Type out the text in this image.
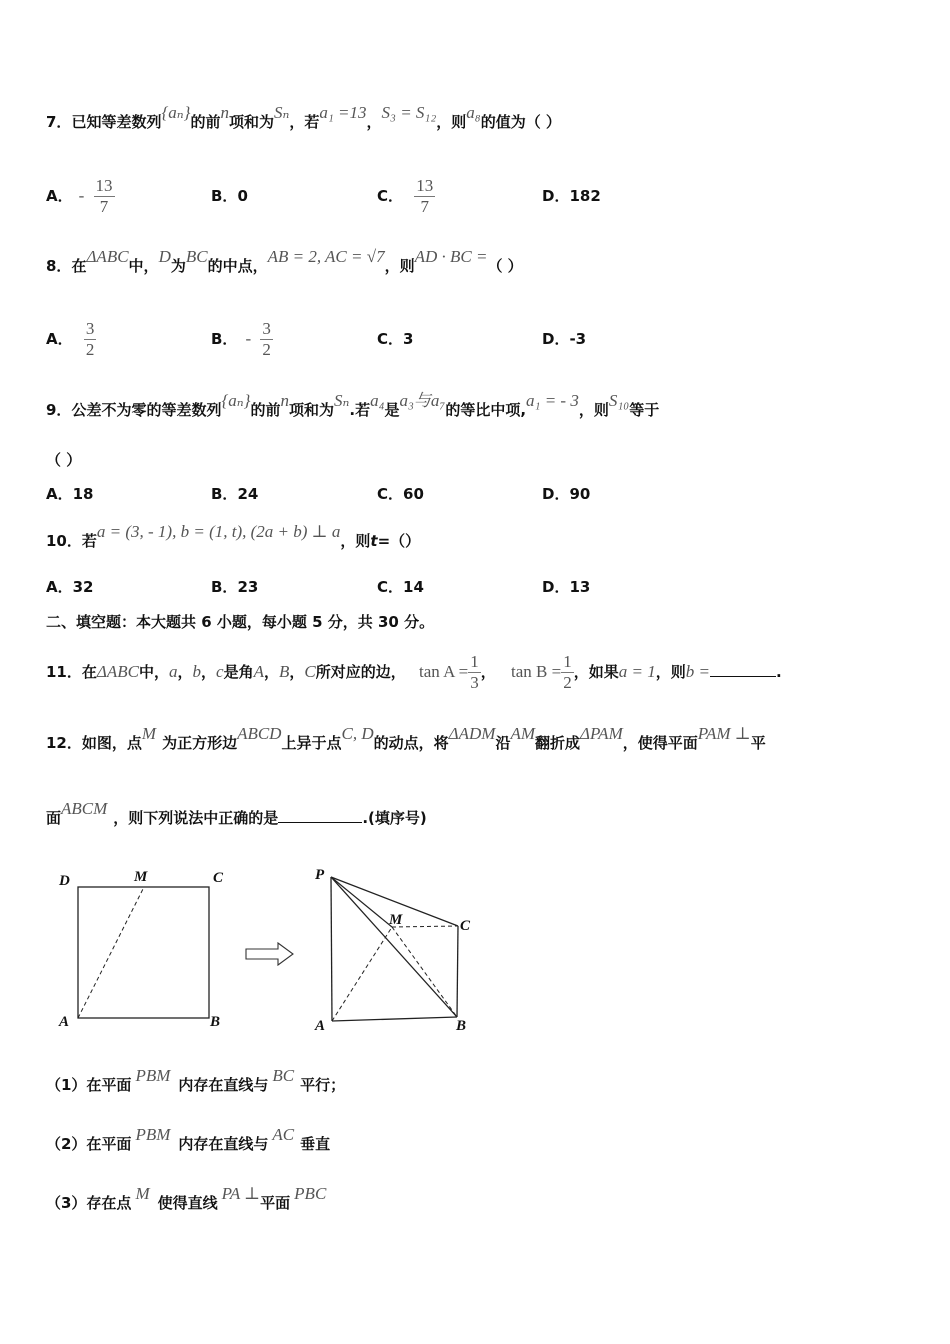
7．已知等差数列{aₙ}的前n项和为Sₙ，若a₁ =13，S₃ = S₁₂，则a₈的值为（ ）
A． - $\frac{13}{7}$	B．0	C． $\frac{13}{7}$	D．182
8．在ΔABC中，D为BC的中点，AB = 2, AC = √7，则AD · BC =（ ）
A． $\frac{3}{2}$	B． - $\frac{3}{2}$	C．3	D．-3
9．公差不为零的等差数列{aₙ}的前n项和为Sₙ.若a₄是a₃与a₇的等比中项,a₁ = - 3，则S₁₀等于
（ ）
A．18	B．24	C．60	D．90
10．若a = (3, - 1), b = (1, t), (2a + b) ⊥ a，则t=（）
A．32	B．23	C．14	D．13
二、填空题：本大题共 6 小题，每小题 5 分，共 30 分。
11．在ΔABC中，a，b，c是角A，B，C所对应的边， $\tan A = \frac{1}{3}$ ， $\tan B = \frac{1}{2}$ ，如果a = 1，则b =	.
12．如图，点M 为正方形边ABCD上异于点C, D的动点，将ΔADM沿AM翻折成ΔPAM，使得平面PAM ⊥平
面ABCM ，则下列说法中正确的是	.(填序号)
D	M	C
A	B
P
M	C
A	B
（1）在平面 PBM 内存在直线与 BC 平行；
（2）在平面 PBM 内存在直线与 AC 垂直
（3）存在点 M 使得直线 PA ⊥平面 PBC
